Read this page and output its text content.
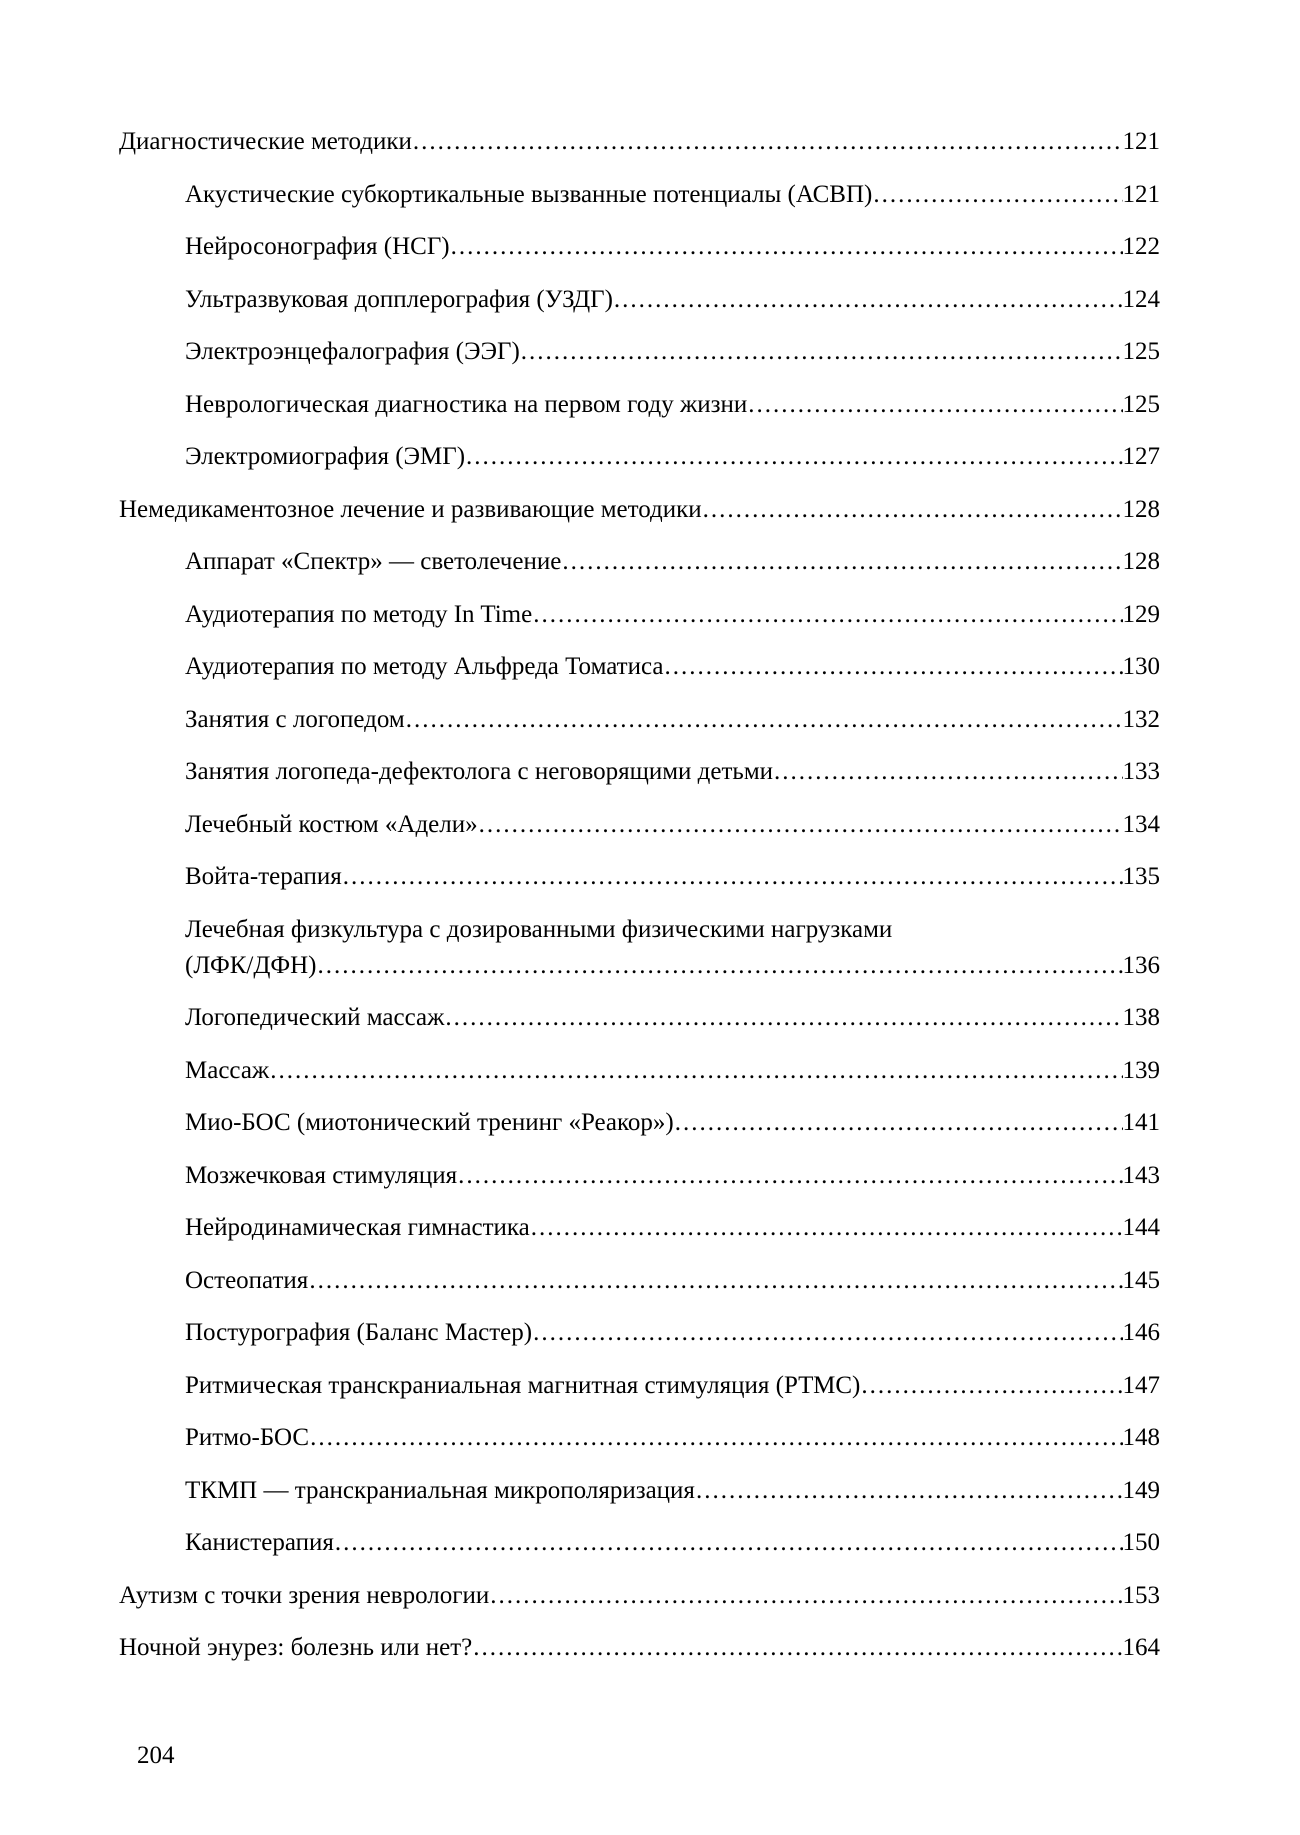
Диагностические методики .....	121
Акустические субкортикальные вызванные потенциалы (АСВП) .....	121
Нейросонография (НСГ) .....	122
Ультразвуковая допплерография (УЗДГ) .....	124
Электроэнцефалография (ЭЭГ) .....	125
Неврологическая диагностика на первом году жизни .....	125
Электромиография (ЭМГ) .....	127
Немедикаментозное лечение и развивающие методики .....	128
Аппарат «Спектр» — светолечение .....	128
Аудиотерапия по методу In Time .....	129
Аудиотерапия по методу Альфреда Томатиса .....	130
Занятия с логопедом .....	132
Занятия логопеда-дефектолога с неговорящими детьми .....	133
Лечебный костюм «Адели» .....	134
Войта-терапия .....	135
Лечебная физкультура с дозированными физическими нагрузками
(ЛФК/ДФН) .....	136
Логопедический массаж .....	138
Массаж .....	139
Мио-БОС (миотонический тренинг «Реакор») .....	141
Мозжечковая стимуляция .....	143
Нейродинамическая гимнастика .....	144
Остеопатия .....	145
Постурография (Баланс Мастер) .....	146
Ритмическая транскраниальная магнитная стимуляция (РТМС) .....	147
Ритмо-БОС .....	148
ТКМП — транскраниальная микрополяризация .....	149
Канистерапия .....	150
Аутизм с точки зрения неврологии .....	153
Ночной энурез: болезнь или нет? .....	164
204
